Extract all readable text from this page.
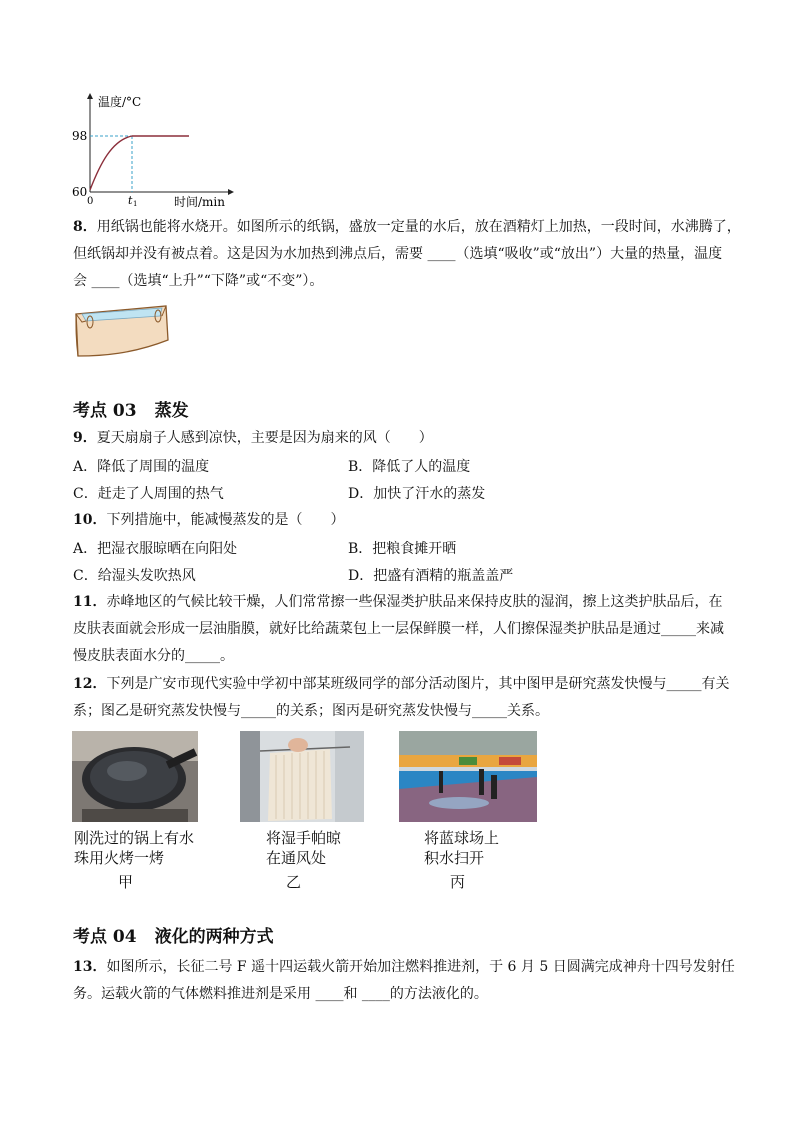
温度/°C
98
60
0	t 1	时间/min
8．用纸锅也能将水烧开。如图所示的纸锅，盛放一定量的水后，放在酒精灯上加热，一段时间，水沸腾了，
但纸锅却并没有被点着。这是因为水加热到沸点后，需要 ____（选填“吸收”或“放出”）大量的热量，温度
会 ____（选填“上升”“下降”或“不变”）。
考点 03 蒸发
9．夏天扇扇子人感到凉快，主要是因为扇来的风（　　）
A．降低了周围的温度	B．降低了人的温度
C．赶走了人周围的热气	D．加快了汗水的蒸发
10．下列措施中，能减慢蒸发的是（　　）
A．把湿衣服晾晒在向阳处	B．把粮食摊开晒
C．给湿头发吹热风	D．把盛有酒精的瓶盖盖严
11．赤峰地区的气候比较干燥，人们常常擦一些保湿类护肤品来保持皮肤的湿润，擦上这类护肤品后，在
皮肤表面就会形成一层油脂膜，就好比给蔬菜包上一层保鲜膜一样，人们擦保湿类护肤品是通过_____来减
慢皮肤表面水分的_____。
12．下列是广安市现代实验中学初中部某班级同学的部分活动图片，其中图甲是研究蒸发快慢与_____有关
系；图乙是研究蒸发快慢与_____的关系；图丙是研究蒸发快慢与_____关系。
刚洗过的锅上有水
珠用火烤一烤
甲
将湿手帕晾
在通风处
乙
将蓝球场上
积水扫开
丙
考点 04 液化的两种方式
13．如图所示，长征二号 F 遥十四运载火箭开始加注燃料推进剂，于 6 月 5 日圆满完成神舟十四号发射任
务。运载火箭的气体燃料推进剂是采用 ____和 ____的方法液化的。
